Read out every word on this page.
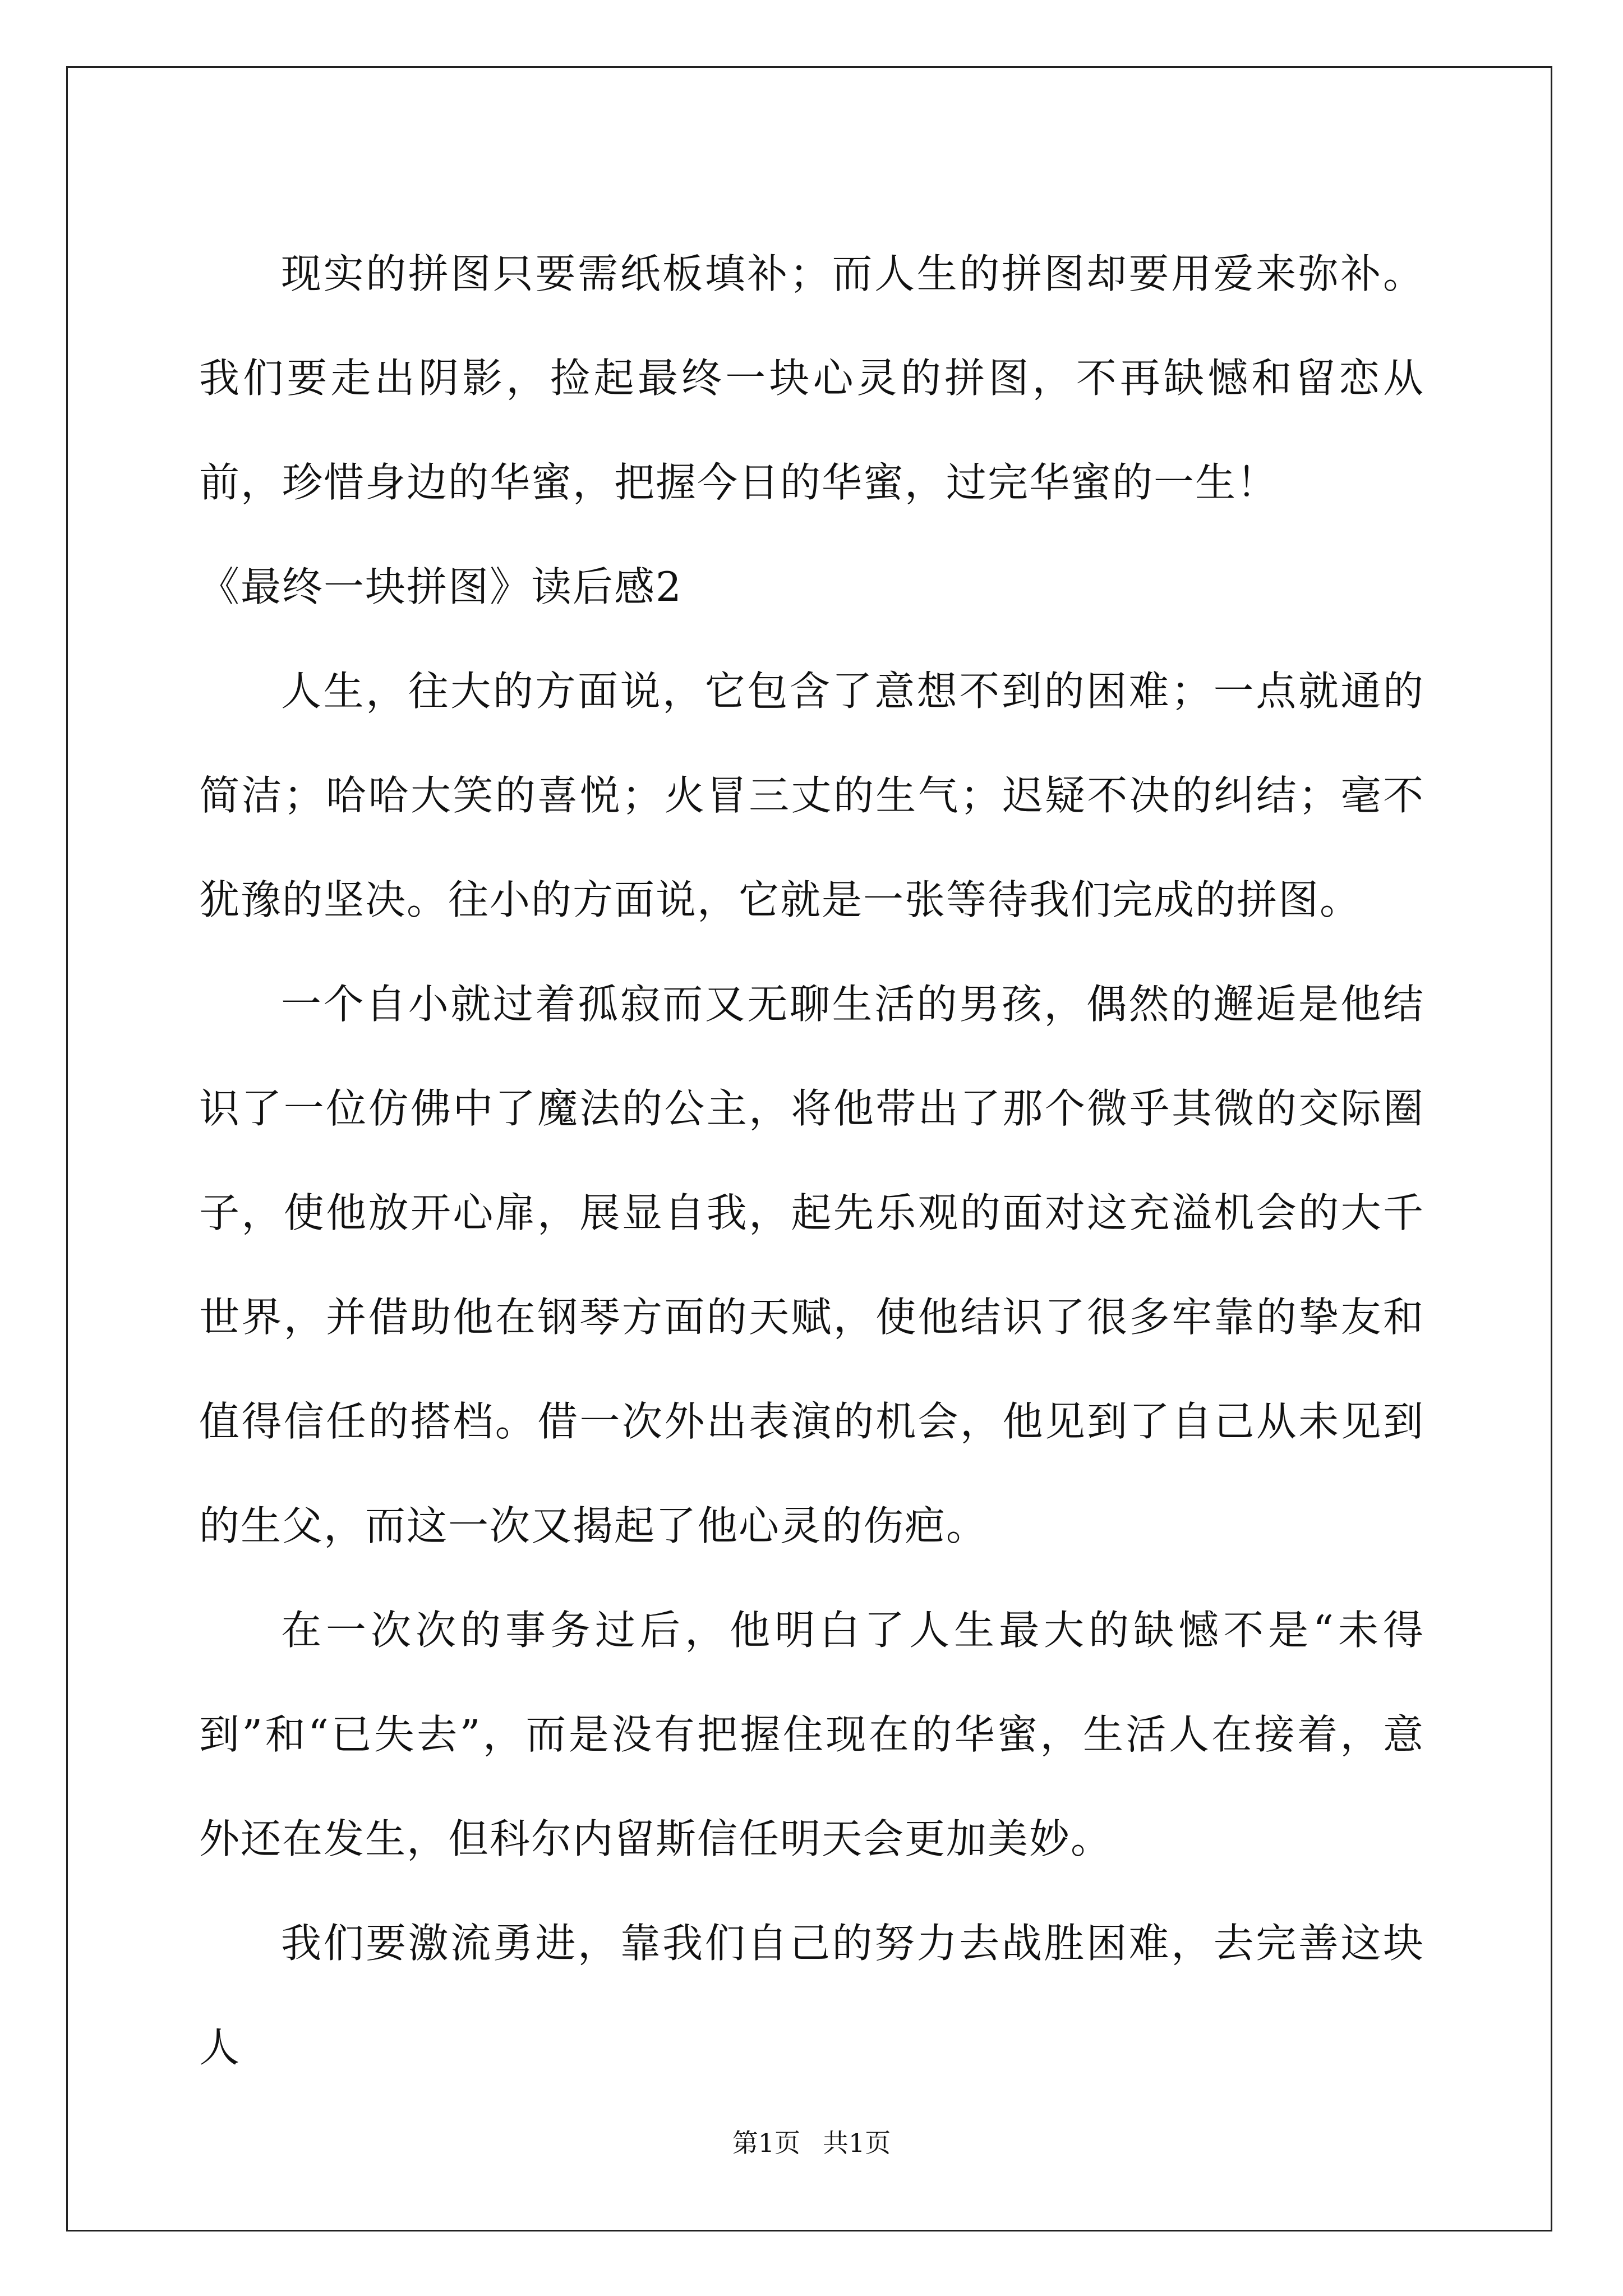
现实的拼图只要需纸板填补；而人生的拼图却要用爱来弥补。我们要走出阴影，捡起最终一块心灵的拼图，不再缺憾和留恋从前，珍惜身边的华蜜，把握今日的华蜜，过完华蜜的一生！

《最终一块拼图》读后感2

人生，往大的方面说，它包含了意想不到的困难；一点就通的简洁；哈哈大笑的喜悦；火冒三丈的生气；迟疑不决的纠结；毫不犹豫的坚决。往小的方面说，它就是一张等待我们完成的拼图。

一个自小就过着孤寂而又无聊生活的男孩，偶然的邂逅是他结识了一位仿佛中了魔法的公主，将他带出了那个微乎其微的交际圈子，使他放开心扉，展显自我，起先乐观的面对这充溢机会的大千世界，并借助他在钢琴方面的天赋，使他结识了很多牢靠的挚友和值得信任的搭档。借一次外出表演的机会，他见到了自己从未见到的生父，而这一次又揭起了他心灵的伤疤。

在一次次的事务过后，他明白了人生最大的缺憾不是“未得到”和“已失去”，而是没有把握住现在的华蜜，生活人在接着，意外还在发生，但科尔内留斯信任明天会更加美妙。

我们要激流勇进，靠我们自己的努力去战胜困难，去完善这块人

第1页 共1页
